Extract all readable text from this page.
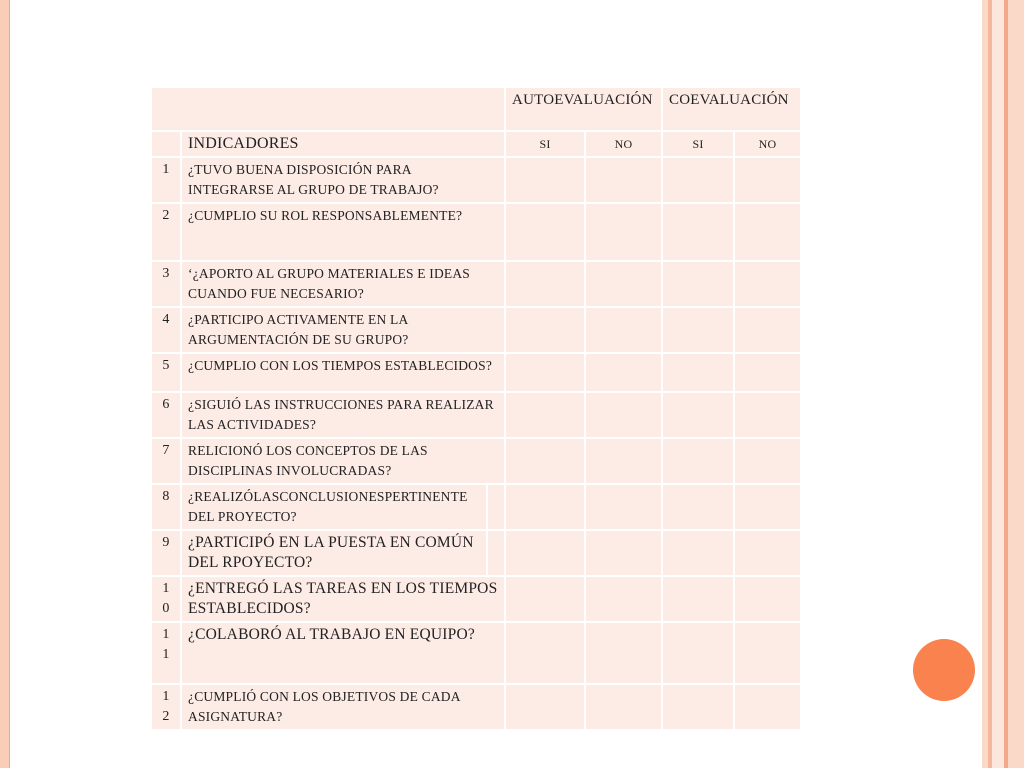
			AUTOEVALUACIÓN		COEVALUACIÓN	
	INDICADORES		SI	NO	SI	NO
1	¿TUVO BUENA DISPOSICIÓN PARA INTEGRARSE AL GRUPO DE TRABAJO?					
2	¿CUMPLIO SU ROL RESPONSABLEMENTE?					
3	‘¿APORTO AL GRUPO MATERIALES E IDEAS CUANDO FUE NECESARIO?					
4	¿PARTICIPO ACTIVAMENTE EN LA ARGUMENTACIÓN DE SU GRUPO?					
5	¿CUMPLIO CON LOS TIEMPOS ESTABLECIDOS?					
6	¿SIGUIÓ LAS INSTRUCCIONES PARA REALIZAR LAS ACTIVIDADES?					
7	RELICIONÓ LOS CONCEPTOS DE LAS DISCIPLINAS INVOLUCRADAS?					
8	¿REALIZÓLASCONCLUSIONESPERTINENTE DEL PROYECTO?					
9	¿PARTICIPÓ EN LA PUESTA EN COMÚN DEL RPOYECTO?					
10	¿ENTREGÓ LAS TAREAS EN LOS TIEMPOS ESTABLECIDOS?					
11	¿COLABORÓ AL TRABAJO EN EQUIPO?					
12	¿CUMPLIÓ CON LOS OBJETIVOS DE CADA ASIGNATURA?					
